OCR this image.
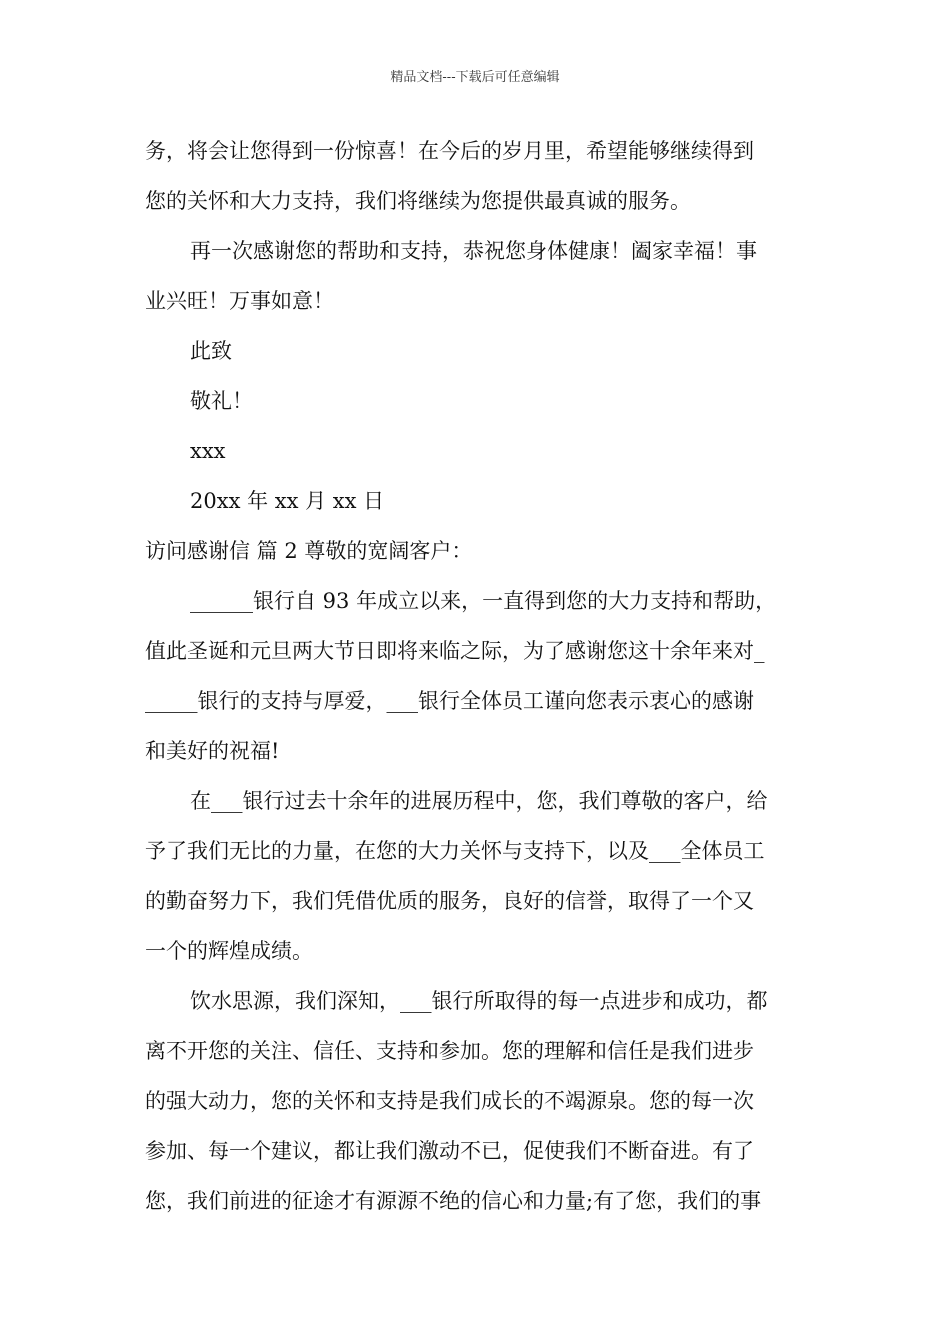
精品文档---下载后可任意编辑
务，将会让您得到一份惊喜！在今后的岁月里，希望能够继续得到
您的关怀和大力支持，我们将继续为您提供最真诚的服务。
再一次感谢您的帮助和支持，恭祝您身体健康！阖家幸福！事
业兴旺！万事如意！
此致
敬礼！
xxx
20xx 年 xx 月 xx 日
访问感谢信 篇 2 尊敬的宽阔客户：
______银行自 93 年成立以来，一直得到您的大力支持和帮助，
值此圣诞和元旦两大节日即将来临之际，为了感谢您这十余年来对_
_____银行的支持与厚爱，___银行全体员工谨向您表示衷心的感谢
和美好的祝福!
在___银行过去十余年的进展历程中，您，我们尊敬的客户，给
予了我们无比的力量，在您的大力关怀与支持下，以及___全体员工
的勤奋努力下，我们凭借优质的服务，良好的信誉，取得了一个又
一个的辉煌成绩。
饮水思源，我们深知，___银行所取得的每一点进步和成功，都
离不开您的关注、信任、支持和参加。您的理解和信任是我们进步
的强大动力，您的关怀和支持是我们成长的不竭源泉。您的每一次
参加、每一个建议，都让我们激动不已，促使我们不断奋进。有了
您，我们前进的征途才有源源不绝的信心和力量;有了您，我们的事
